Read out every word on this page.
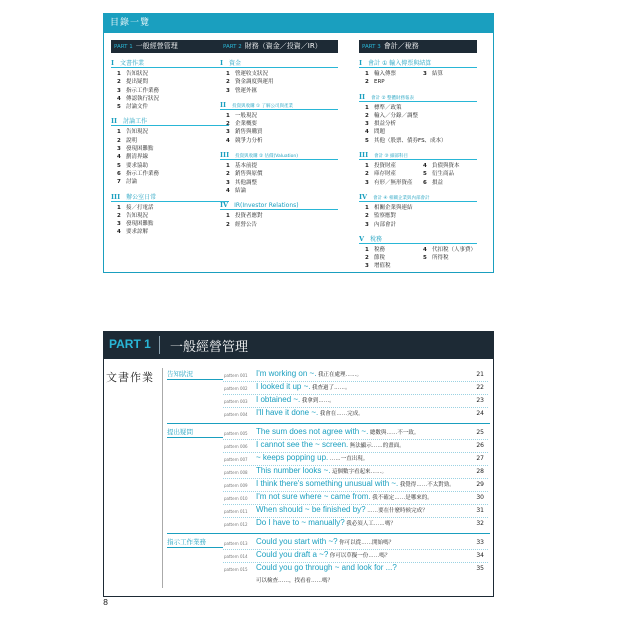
目錄一覽
PART 1 一般經營管理
I 文書作業
1 告知狀況
2 提出疑問
3 指示工作業務
4 傳認執行狀況
5 討論文件
II 討論工作
1 告知現況
2 說明
3 發現困難點
4 劃清界線
5 要求協助
6 指示工作業務
7 討論
III 辦公室日常
1 接／打電話
2 告知現況
3 發現困難點
4 要求諒解
PART 2 財務（資金／投資／IR）
I 資金
1 營運收支狀況
2 資金調度與運用
3 營運外匯
II 投資與收購 ① 了解公司與產業
1 一般現況
2 企業概要
3 銷售與購買
4 競爭力分析
III 投資與收購 ② 估價(Valuation)
1 基本前提
2 銷售與原價
3 其他調整
4 結論
IV IR(Investor Relations)
1 投資者應對
2 經營公告
PART 3 會計／稅務
I 會計 ① 輸入傳票與結算
1 輸入傳票	3 結算
2 ERP
II 會計 ② 整體財務報表
1 標準／政策
2 輸入／分錄／調整
3 損益分析
4 問題
5 其他（股票、債券FS、成本）
III 會計 ③ 細部科目
1 投資財產	4 負債與資本
2 庫存財產	5 衍生商品
3 有形／無形資產	6 損益
IV 會計 ④ 相關企業與內部會計
1 相關企業與連結
2 監察應對
3 內部會計
V 稅務
1 稅務	4 代扣稅（人事費）
2 節稅	5 所得稅
3 增值稅
PART 1 一般經營管理
文書作業 告知狀況
提出疑問
指示工作業務
pattern 001 I'm working on ~. 我正在處理……。	21
pattern 002 I looked it up ~. 我查過了……。	22
pattern 003 I obtained ~. 我拿到……。	23
pattern 004 I'll have it done ~. 我會在……完成。	24
pattern 005 The sum does not agree with ~. 總數與……不一致。	25
pattern 006 I cannot see the ~ screen. 無法顯示……的畫面。	26
pattern 007 ~ keeps popping up. ……一直出現。	27
pattern 008 This number looks ~. 這個數字看起來……。	28
pattern 009 I think there's something unusual with ~. 我覺得……不太對勁。	29
pattern 010 I'm not sure where ~ came from. 我不確定……是哪來的。	30
pattern 011 When should ~ be finished by? ……要在什麼時候完成？	31
pattern 012 Do I have to ~ manually? 我必須人工……嗎？	32
pattern 013 Could you start with ~? 你可以從……開始嗎？	33
pattern 014 Could you draft a ~? 你可以草擬一份……嗎？	34
pattern 015 Could you go through ~ and look for ...?	35
可以檢查……，找看看……嗎？
8
